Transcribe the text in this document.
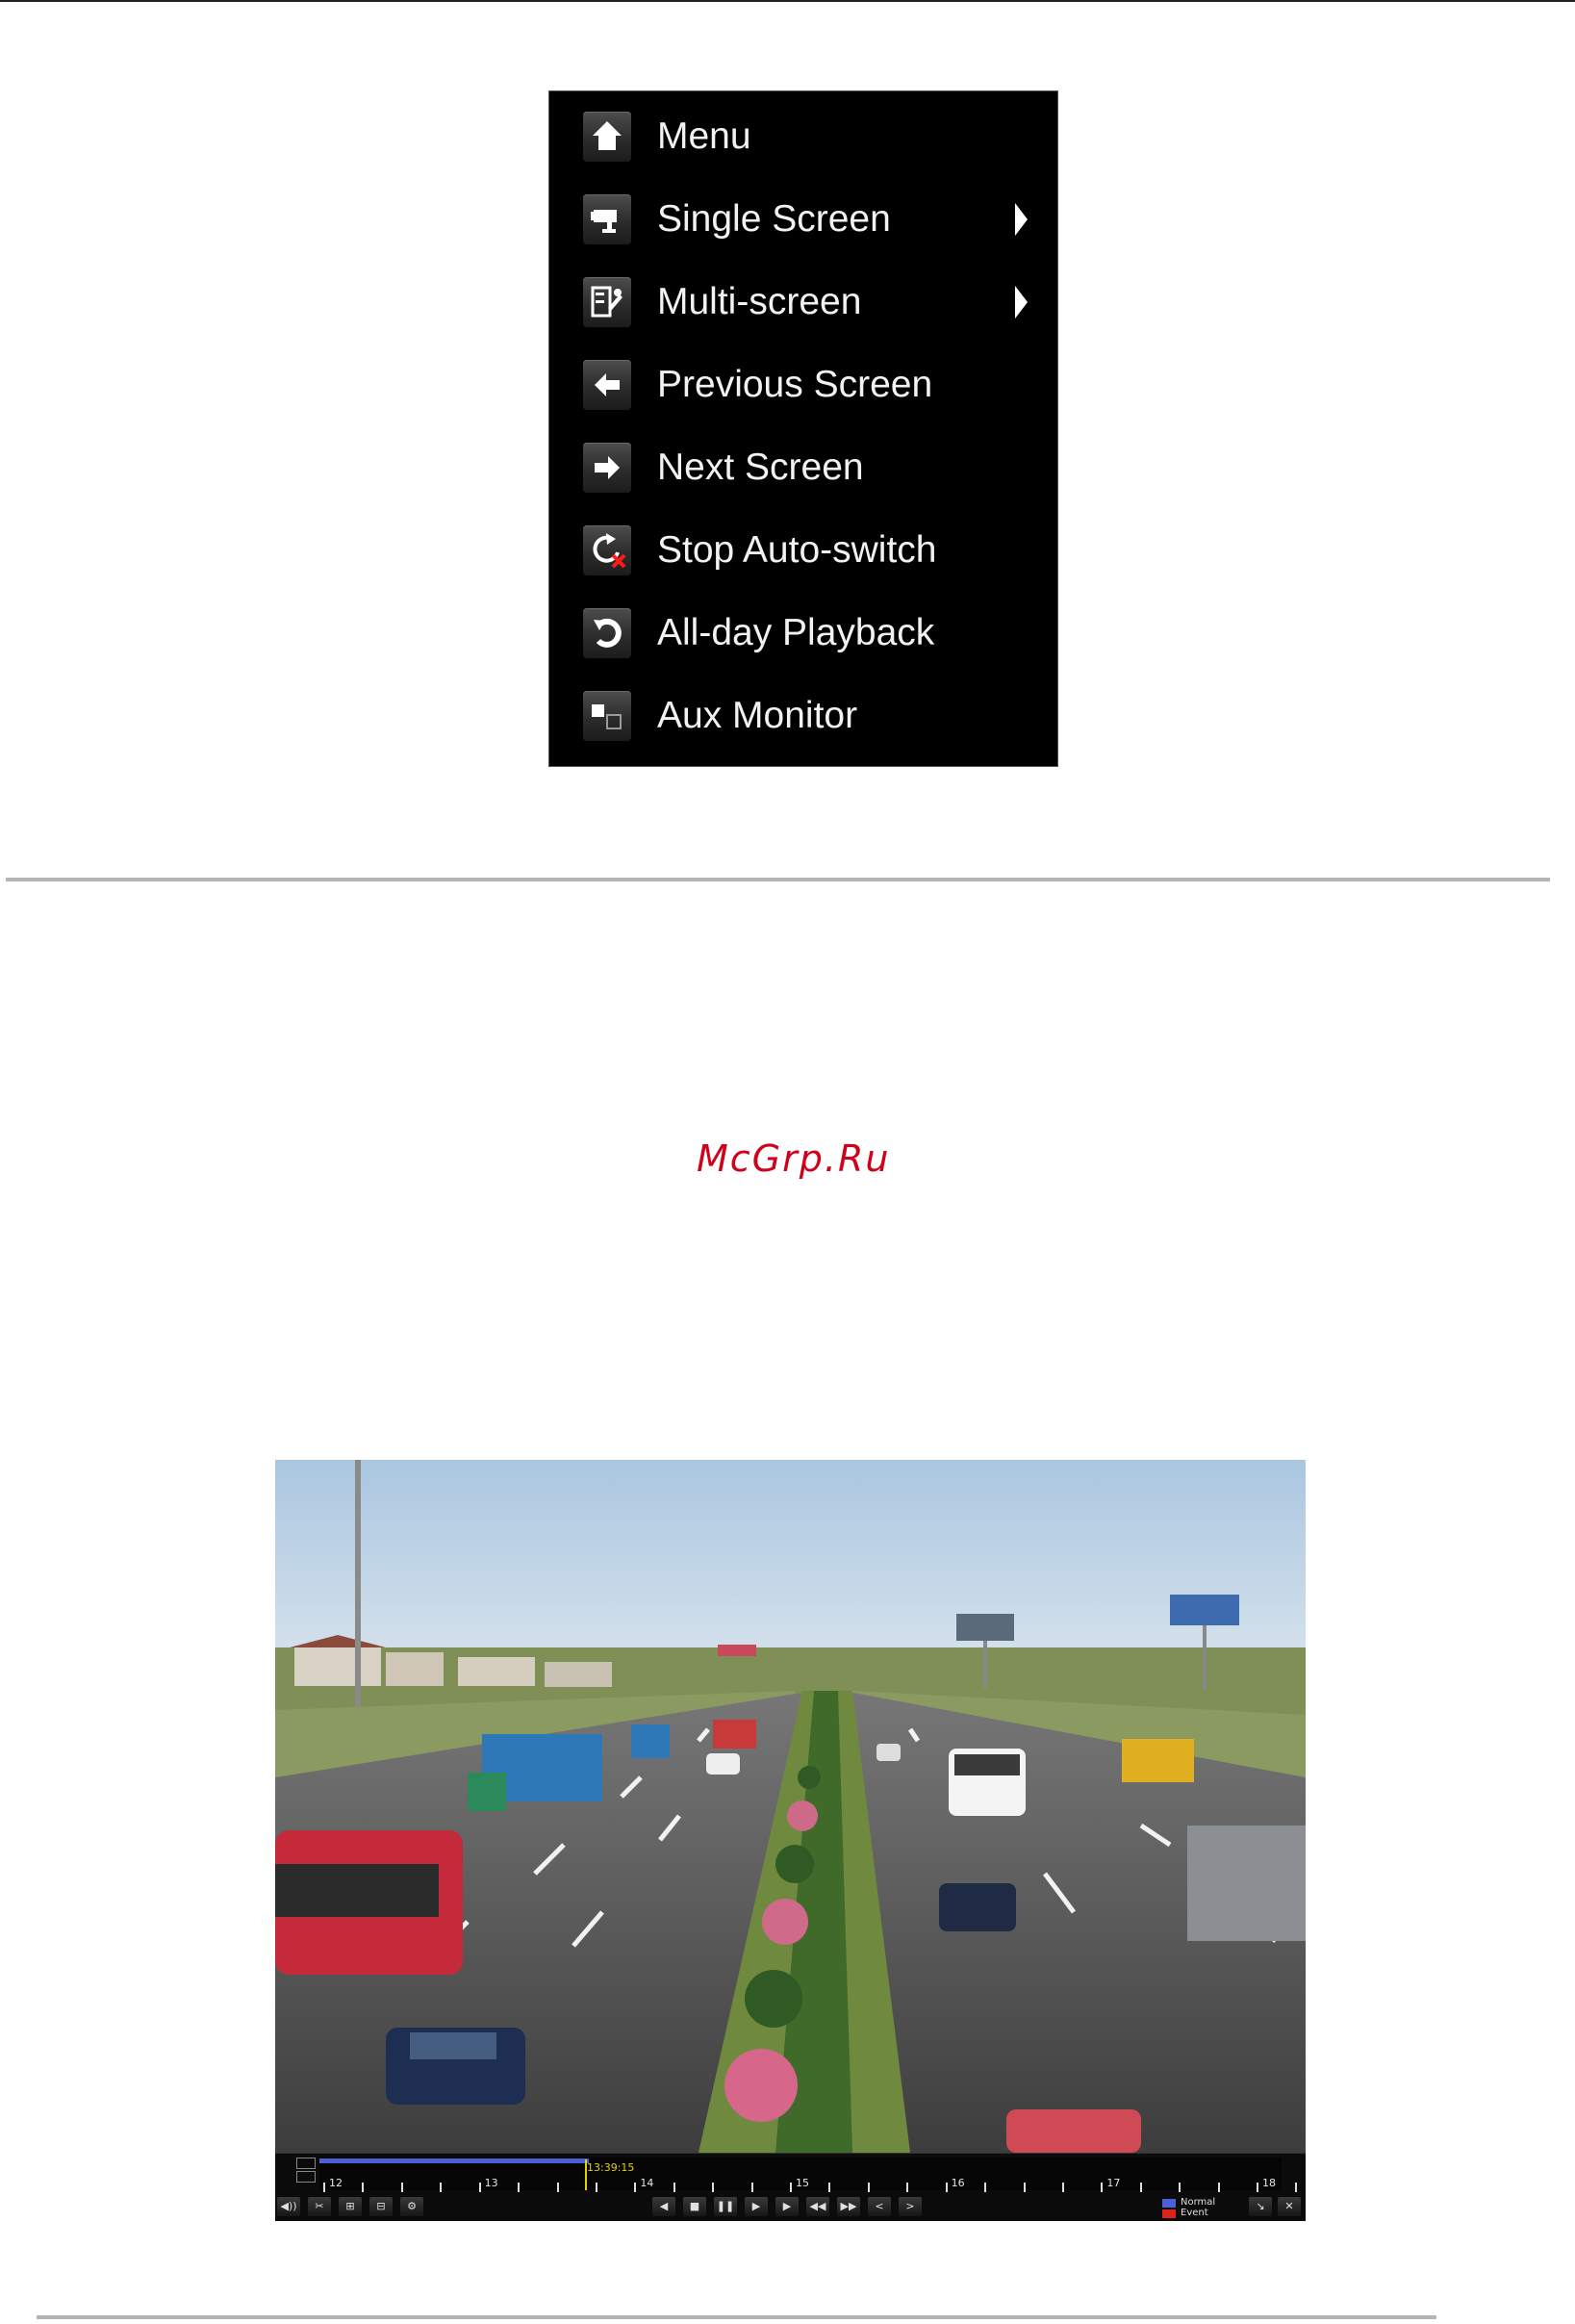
Menu
Single Screen
Multi-screen
Previous Screen
Next Screen
Stop Auto-switch
All-day Playback
Aux Monitor
McGrp.Ru
13:39:15
12	13	14	15	16	17	18
◀))	✂	⊞	⊟	⚙	◀	■	❚❚	▶	▶	◀◀	▶▶	<	>	↘	✕
Normal
Event
